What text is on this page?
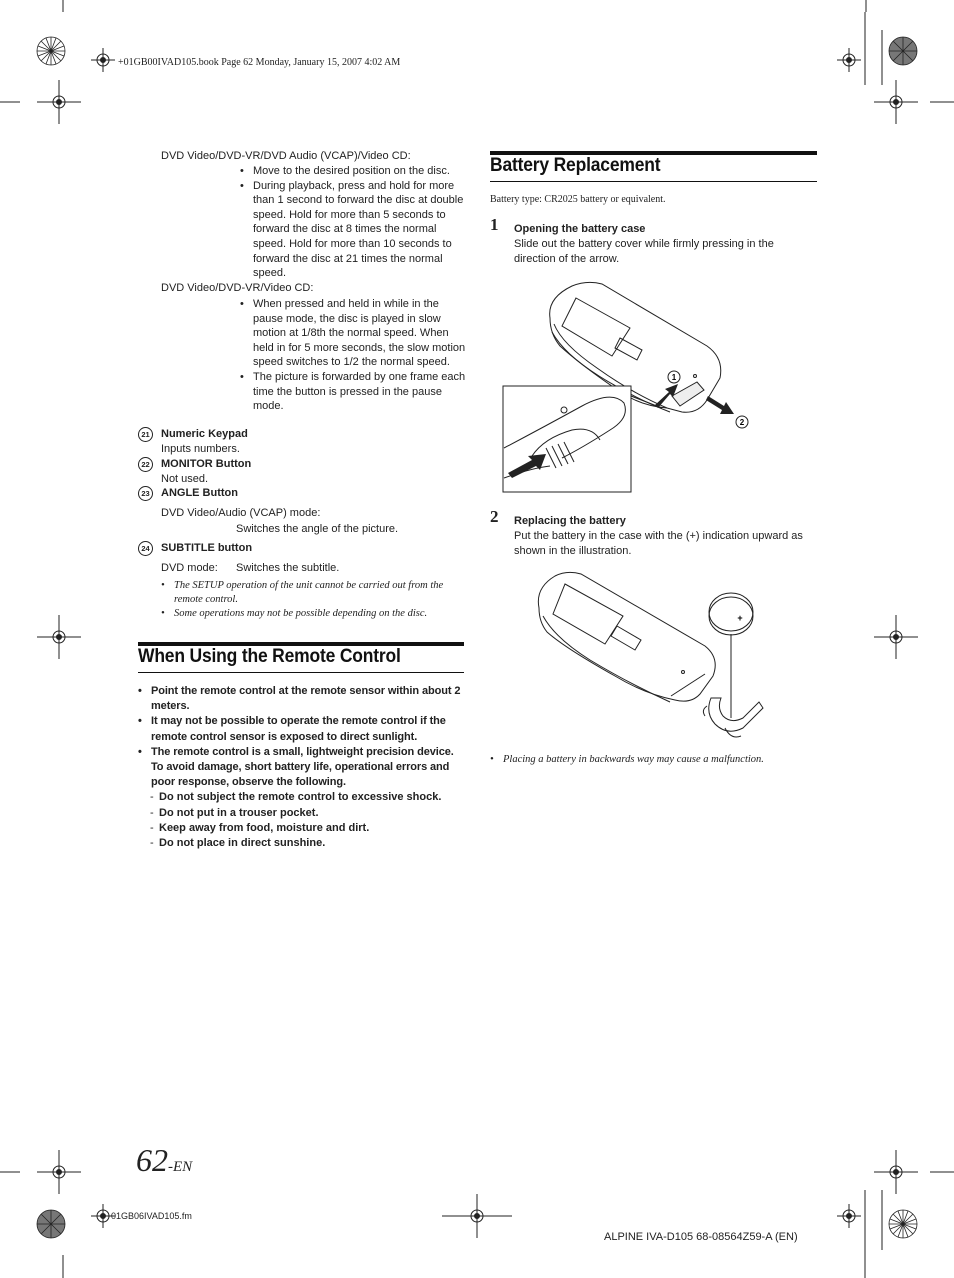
+01GB00IVAD105.book Page 62 Monday, January 15, 2007 4:02 AM
DVD Video/DVD-VR/DVD Audio (VCAP)/Video CD:
• Move to the desired position on the disc.
• During playback, press and hold for more than 1 second to forward the disc at double speed. Hold for more than 5 seconds to forward the disc at 8 times the normal speed. Hold for more than 10 seconds to forward the disc at 21 times the normal speed.
DVD Video/DVD-VR/Video CD:
• When pressed and held in while in the pause mode, the disc is played in slow motion at 1/8th the normal speed. When held in for 5 more seconds, the slow motion speed switches to 1/2 the normal speed.
• The picture is forwarded by one frame each time the button is pressed in the pause mode.
21	Numeric Keypad
Inputs numbers.
22	MONITOR Button
Not used.
23	ANGLE Button
DVD Video/Audio (VCAP) mode:
Switches the angle of the picture.
24	SUBTITLE button
DVD mode: Switches the subtitle.
• The SETUP operation of the unit cannot be carried out from the remote control.
• Some operations may not be possible depending on the disc.
When Using the Remote Control
• Point the remote control at the remote sensor within about 2 meters.
• It may not be possible to operate the remote control if the remote control sensor is exposed to direct sunlight.
• The remote control is a small, lightweight precision device. To avoid damage, short battery life, operational errors and poor response, observe the following.
- Do not subject the remote control to excessive shock.
- Do not put in a trouser pocket.
- Keep away from food, moisture and dirt.
- Do not place in direct sunshine.
Battery Replacement
Battery type: CR2025 battery or equivalent.
1 Opening the battery case
Slide out the battery cover while firmly pressing in the direction of the arrow.
1
2
2 Replacing the battery
Put the battery in the case with the (+) indication upward as shown in the illustration.
+
• Placing a battery in backwards way may cause a malfunction.
62-EN
01GB06IVAD105.fm
ALPINE IVA-D105 68-08564Z59-A (EN)
